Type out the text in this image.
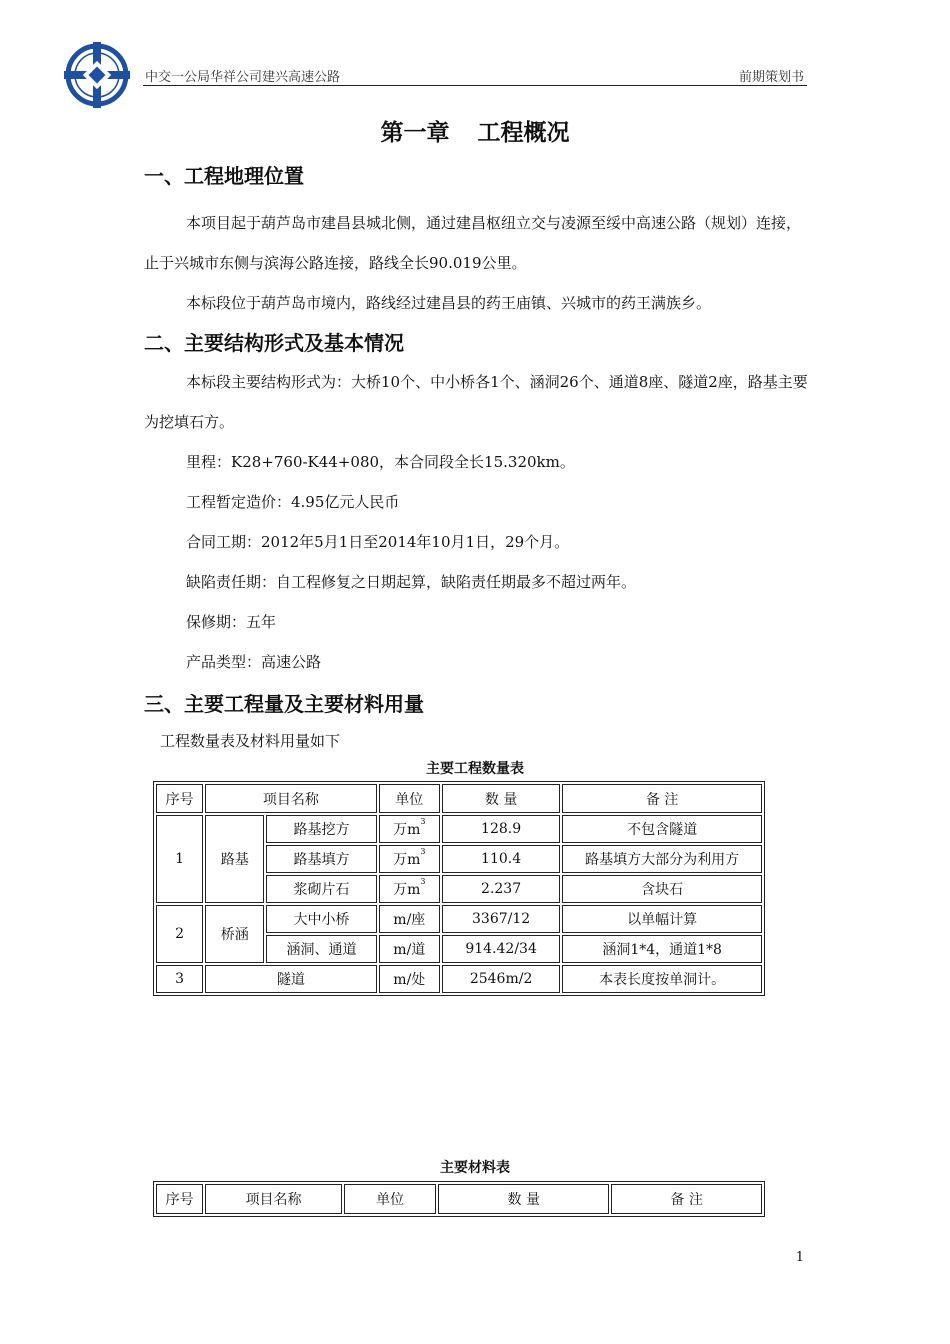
中交一公局华祥公司建兴高速公路	前期策划书
第一章 工程概况
一、工程地理位置
本项目起于葫芦岛市建昌县城北侧，通过建昌枢纽立交与凌源至绥中高速公路（规划）连接，止于兴城市东侧与滨海公路连接，路线全长90.019公里。
本标段位于葫芦岛市境内，路线经过建昌县的药王庙镇、兴城市的药王满族乡。
二、主要结构形式及基本情况
本标段主要结构形式为：大桥10个、中小桥各1个、涵洞26个、通道8座、隧道2座，路基主要为挖填石方。
里程：K28+760-K44+080，本合同段全长15.320km。
工程暂定造价：4.95亿元人民币
合同工期：2012年5月1日至2014年10月1日，29个月。
缺陷责任期：自工程修复之日期起算，缺陷责任期最多不超过两年。
保修期：五年
产品类型：高速公路
三、主要工程量及主要材料用量
工程数量表及材料用量如下
主要工程数量表
序号	项目名称		单位	数 量	备 注
1	路基	路基挖方	万$m^3$	128.9	不包含隧道
		路基填方	万$m^3$	110.4	路基填方大部分为利用方
		浆砌片石	万$m^3$	2.237	含块石
2	桥涵	大中小桥	m/座	3367/12	以单幅计算
		涵洞、通道	m/道	914.42/34	涵洞1*4，通道1*8
3	隧道		m/处	2546m/2	本表长度按单洞计。
主要材料表
序号	项目名称	单位	数 量	备 注
1
